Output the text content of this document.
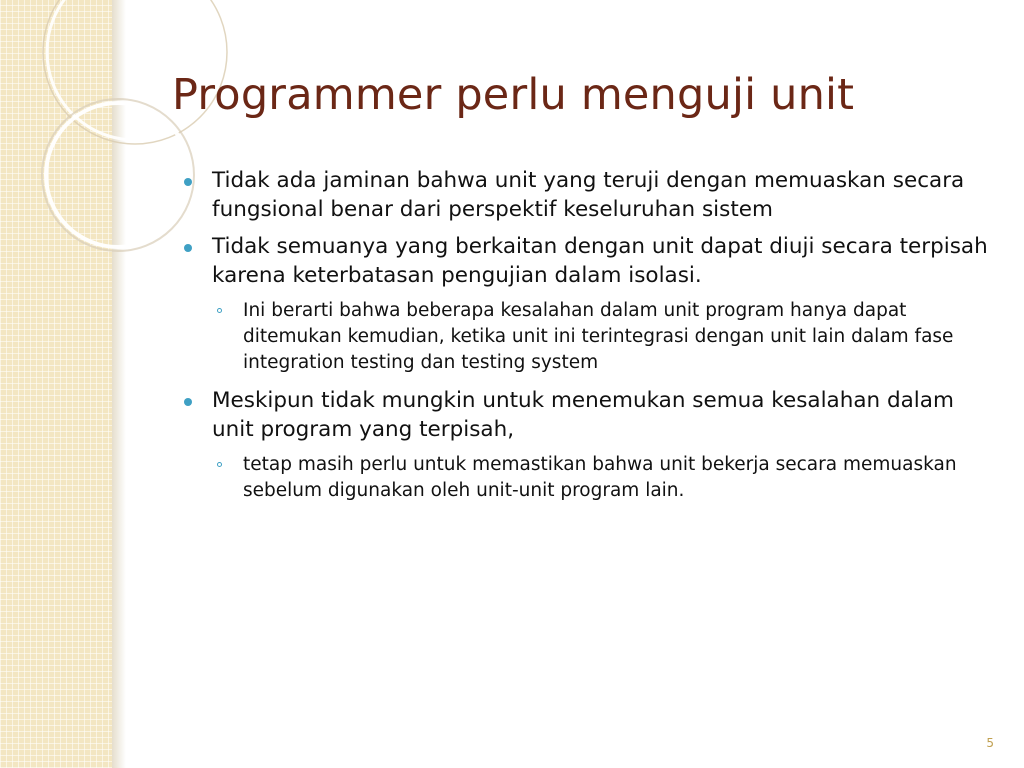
Programmer perlu menguji unit
Tidak ada jaminan bahwa unit yang teruji dengan memuaskan secara fungsional benar dari perspektif keseluruhan sistem
Tidak semuanya yang berkaitan dengan unit dapat diuji secara terpisah karena keterbatasan pengujian dalam isolasi.
Ini berarti bahwa beberapa kesalahan dalam unit program hanya dapat ditemukan kemudian, ketika unit ini terintegrasi dengan unit lain dalam fase integration testing dan testing system
Meskipun tidak mungkin untuk menemukan semua kesalahan dalam unit program yang terpisah,
tetap masih perlu untuk memastikan bahwa unit bekerja secara memuaskan sebelum digunakan oleh unit-unit program lain.
5
